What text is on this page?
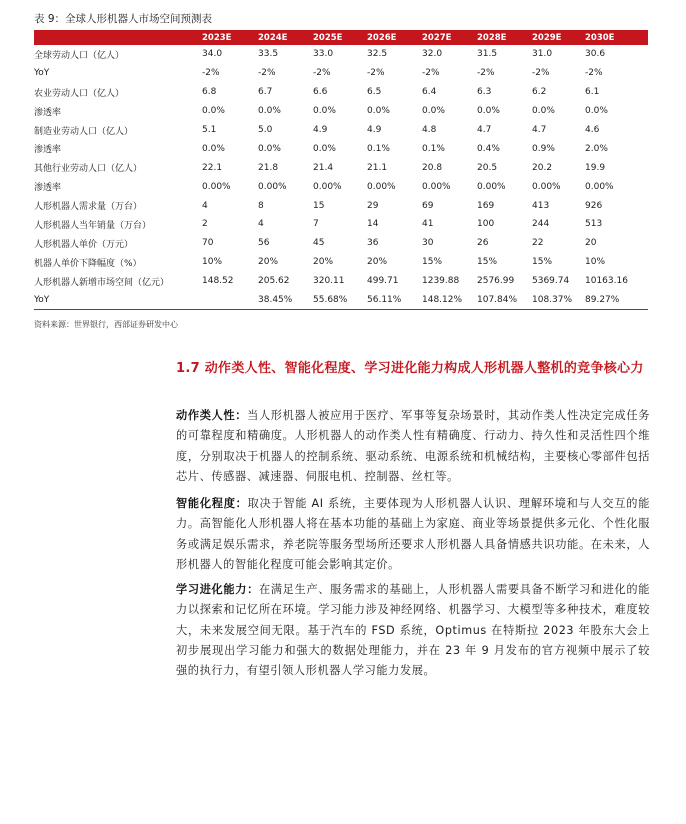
表 9：全球人形机器人市场空间预测表
	2023E	2024E	2025E	2026E	2027E	2028E	2029E	2030E
全球劳动人口（亿人）	34.0	33.5	33.0	32.5	32.0	31.5	31.0	30.6
YoY	-2%	-2%	-2%	-2%	-2%	-2%	-2%	-2%
农业劳动人口（亿人）	6.8	6.7	6.6	6.5	6.4	6.3	6.2	6.1
渗透率	0.0%	0.0%	0.0%	0.0%	0.0%	0.0%	0.0%	0.0%
制造业劳动人口（亿人）	5.1	5.0	4.9	4.9	4.8	4.7	4.7	4.6
渗透率	0.0%	0.0%	0.0%	0.1%	0.1%	0.4%	0.9%	2.0%
其他行业劳动人口（亿人）	22.1	21.8	21.4	21.1	20.8	20.5	20.2	19.9
渗透率	0.00%	0.00%	0.00%	0.00%	0.00%	0.00%	0.00%	0.00%
人形机器人需求量（万台）	4	8	15	29	69	169	413	926
人形机器人当年销量（万台）	2	4	7	14	41	100	244	513
人形机器人单价（万元）	70	56	45	36	30	26	22	20
机器人单价下降幅度（%）	10%	20%	20%	20%	15%	15%	15%	10%
人形机器人新增市场空间（亿元）	148.52	205.62	320.11	499.71	1239.88	2576.99	5369.74	10163.16
YoY		38.45%	55.68%	56.11%	148.12%	107.84%	108.37%	89.27%
资料来源：世界银行，西部证券研发中心
1.7 动作类人性、智能化程度、学习进化能力构成人形机器人整机的竞争核心力

动作类人性：当人形机器人被应用于医疗、军事等复杂场景时，其动作类人性决定完成任务的可靠程度和精确度。人形机器人的动作类人性有精确度、行动力、持久性和灵活性四个维度，分别取决于机器人的控制系统、驱动系统、电源系统和机械结构，主要核心零部件包括芯片、传感器、减速器、伺服电机、控制器、丝杠等。

智能化程度：取决于智能 AI 系统，主要体现为人形机器人认识、理解环境和与人交互的能力。高智能化人形机器人将在基本功能的基础上为家庭、商业等场景提供多元化、个性化服务或满足娱乐需求，养老院等服务型场所还要求人形机器人具备情感共识功能。在未来，人形机器人的智能化程度可能会影响其定价。

学习进化能力：在满足生产、服务需求的基础上，人形机器人需要具备不断学习和进化的能力以探索和记忆所在环境。学习能力涉及神经网络、机器学习、大模型等多种技术，难度较大，未来发展空间无限。基于汽车的 FSD 系统，Optimus 在特斯拉 2023 年股东大会上初步展现出学习能力和强大的数据处理能力，并在 23 年 9 月发布的官方视频中展示了较强的执行力，有望引领人形机器人学习能力发展。
